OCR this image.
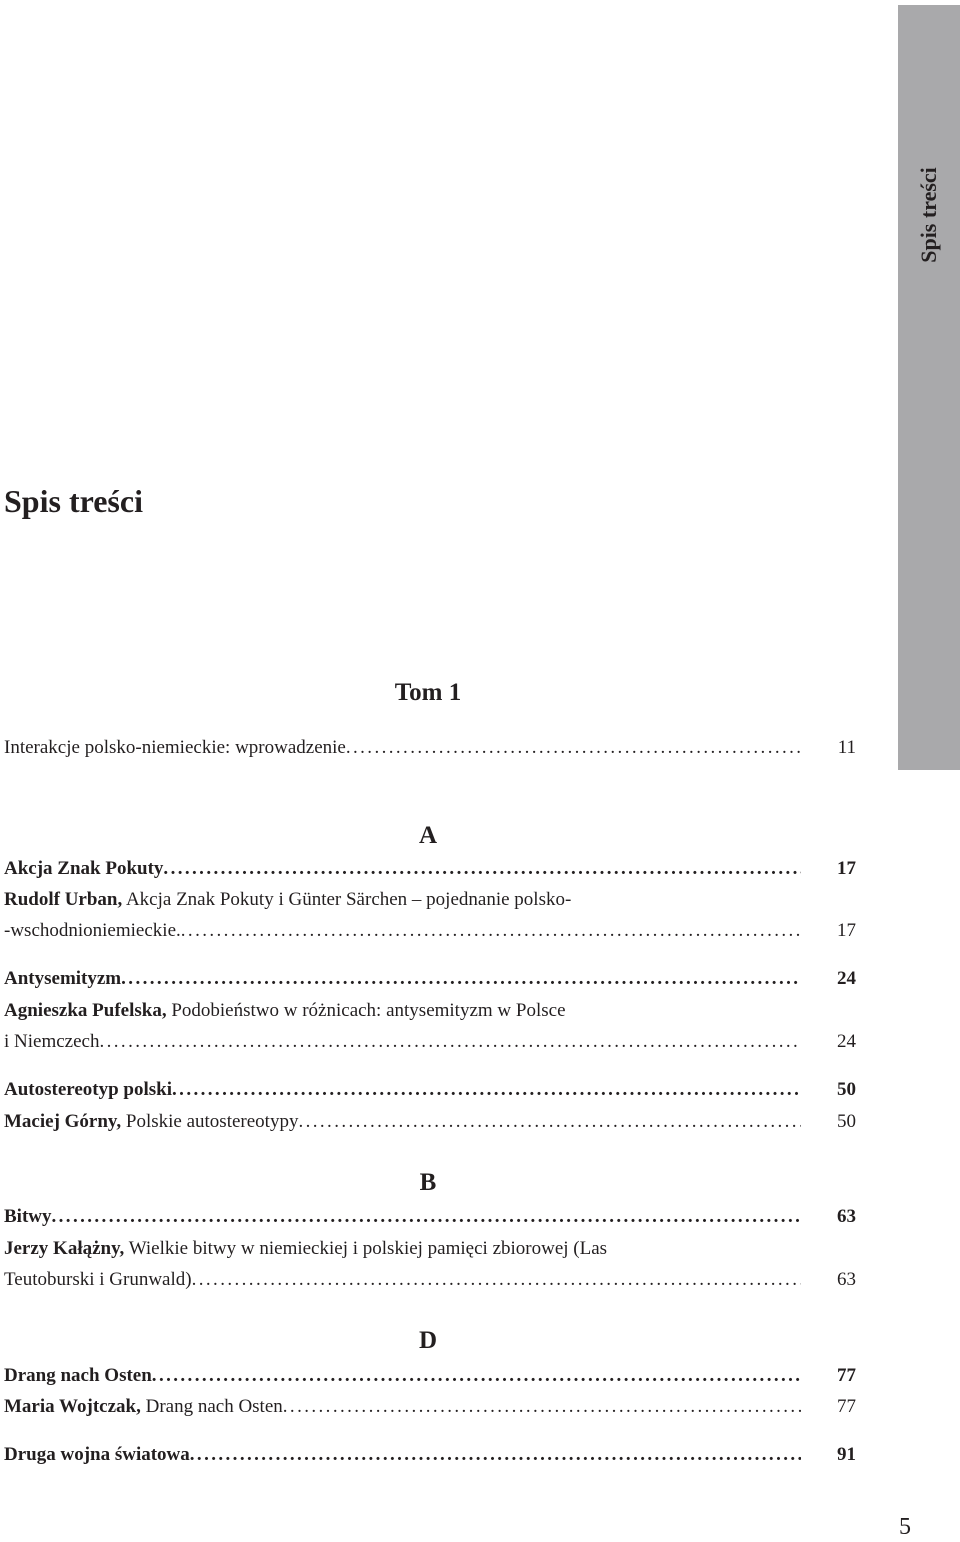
Spis treści
Spis treści
Tom 1
Interakcje polsko-niemieckie: wprowadzenie .....	11
A
Akcja Znak Pokuty .....	17
Rudolf Urban, Akcja Znak Pokuty i Günter Särchen – pojednanie polsko-
-wschodnioniemieckie. .....	17
Antysemityzm .....	24
Agnieszka Pufelska, Podobieństwo w różnicach: antysemityzm w Polsce
i Niemczech .....	24
Autostereotyp polski .....	50
Maciej Górny, Polskie autostereotypy .....	50
B
Bitwy .....	63
Jerzy Kałążny, Wielkie bitwy w niemieckiej i polskiej pamięci zbiorowej (Las
Teutoburski i Grunwald) .....	63
D
Drang nach Osten .....	77
Maria Wojtczak, Drang nach Osten .....	77
Druga wojna światowa .....	91
5
